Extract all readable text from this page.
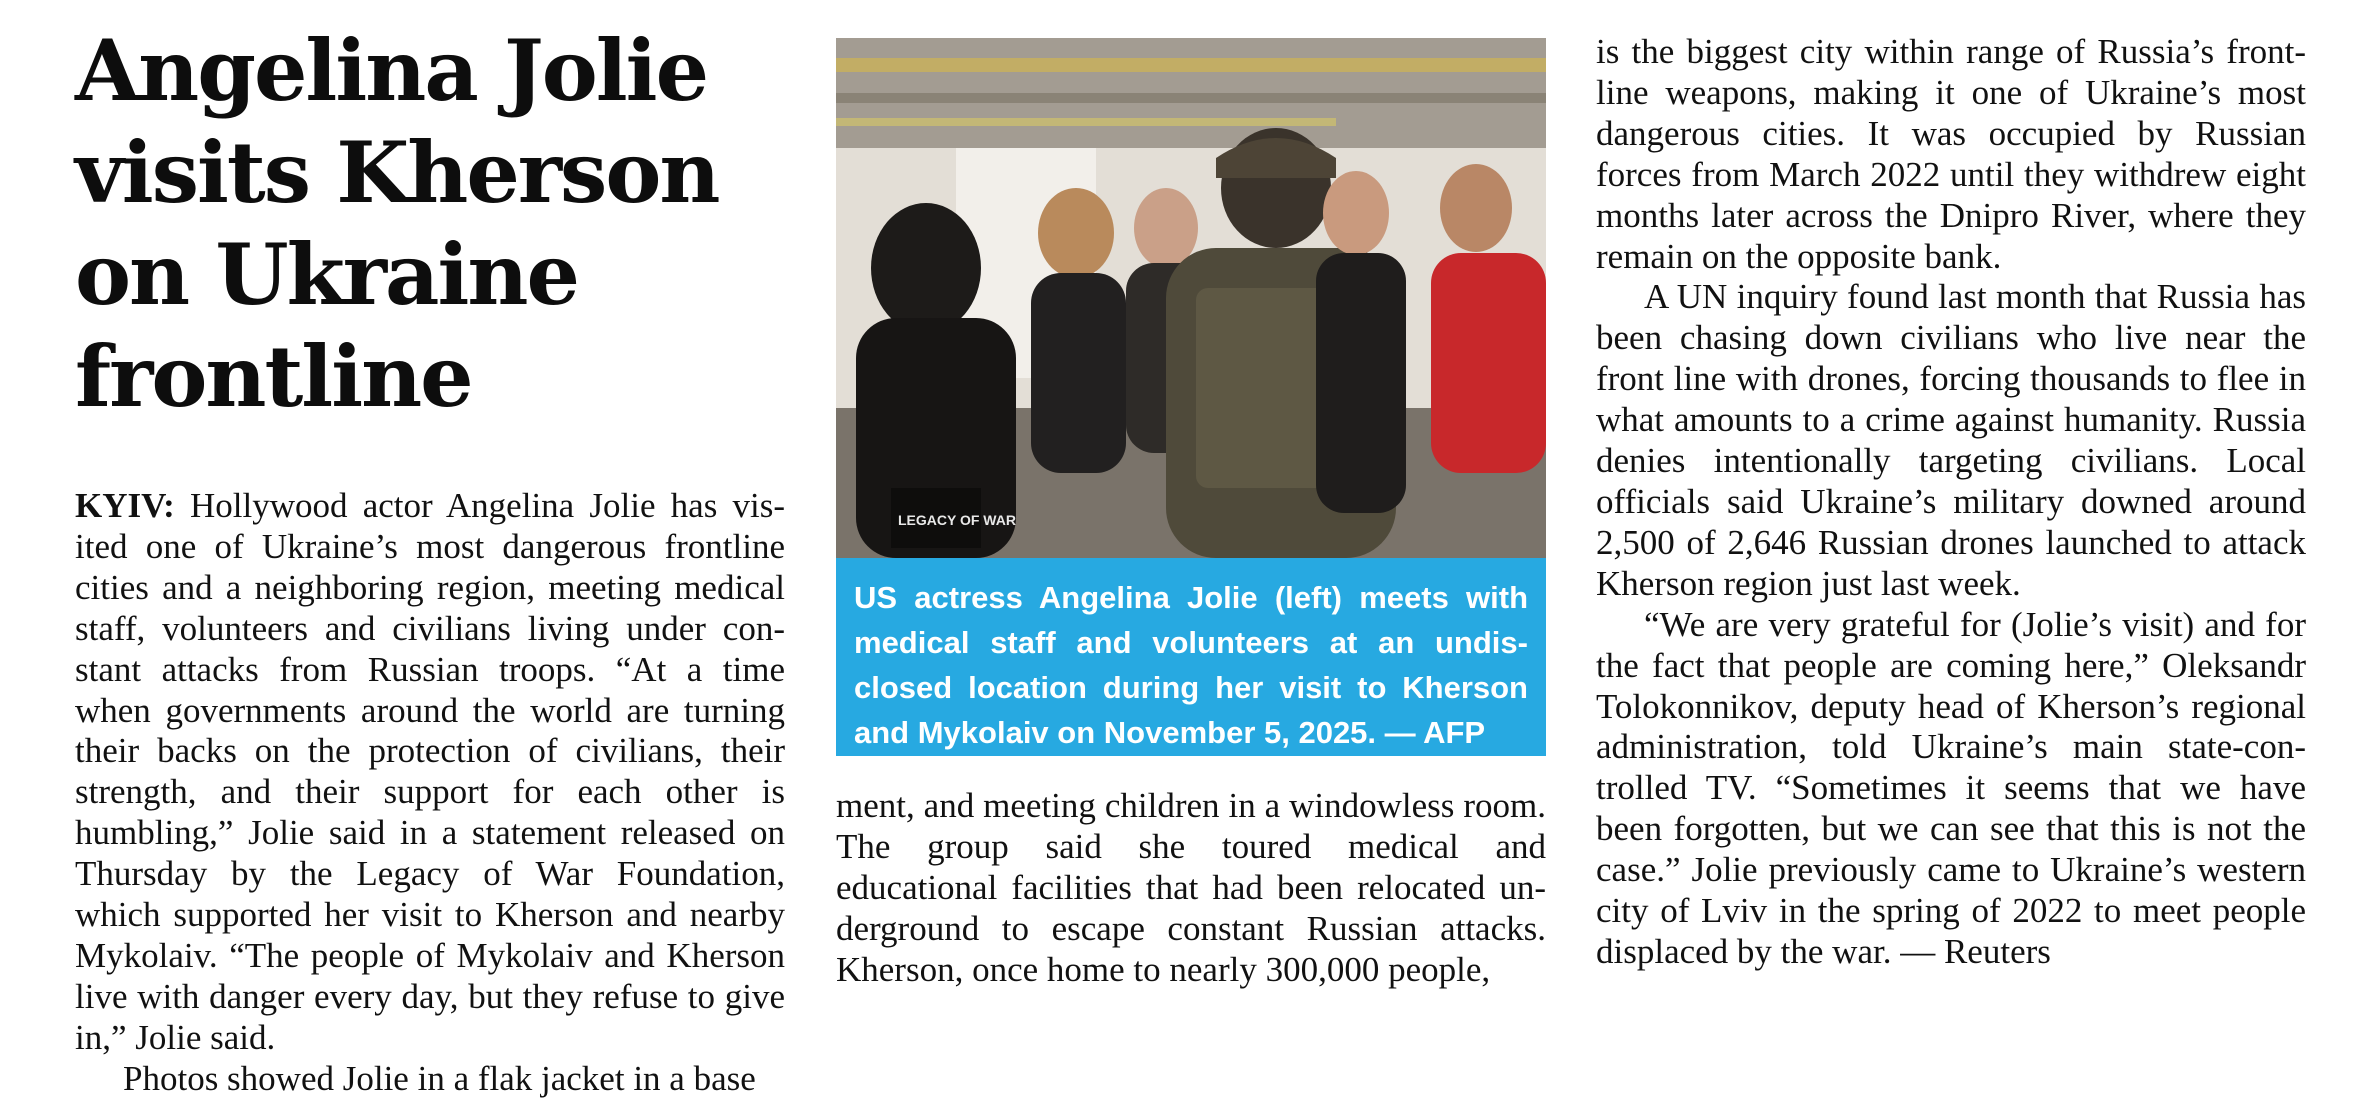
Angelina Jolie visits Kherson on Ukraine frontline

KYIV: Hollywood actor Angelina Jolie has visited one of Ukraine’s most dangerous frontline cities and a neighboring region, meeting medical staff, volunteers and civilians living under constant attacks from Russian troops. “At a time when governments around the world are turning their backs on the protection of civilians, their strength, and their support for each other is humbling,” Jolie said in a statement released on Thursday by the Legacy of War Foundation, which supported her visit to Kherson and nearby Mykolaiv. “The people of Mykolaiv and Kherson live with danger every day, but they refuse to give in,” Jolie said.

Photos showed Jolie in a flak jacket in a base

LEGACY OF WAR
US actress Angelina Jolie (left) meets with medical staff and volunteers at an undisclosed location during her visit to Kherson and Mykolaiv on November 5, 2025. — AFP

ment, and meeting children in a windowless room. The group said she toured medical and educational facilities that had been relocated underground to escape constant Russian attacks. Kherson, once home to nearly 300,000 people,

is the biggest city within range of Russia’s frontline weapons, making it one of Ukraine’s most dangerous cities. It was occupied by Russian forces from March 2022 until they withdrew eight months later across the Dnipro River, where they remain on the opposite bank.

A UN inquiry found last month that Russia has been chasing down civilians who live near the front line with drones, forcing thousands to flee in what amounts to a crime against humanity. Russia denies intentionally targeting civilians. Local officials said Ukraine’s military downed around 2,500 of 2,646 Russian drones launched to attack Kherson region just last week.

“We are very grateful for (Jolie’s visit) and for the fact that people are coming here,” Oleksandr Tolokonnikov, deputy head of Kherson’s regional administration, told Ukraine’s main state-controlled TV. “Sometimes it seems that we have been forgotten, but we can see that this is not the case.” Jolie previously came to Ukraine’s western city of Lviv in the spring of 2022 to meet people displaced by the war. — Reuters
